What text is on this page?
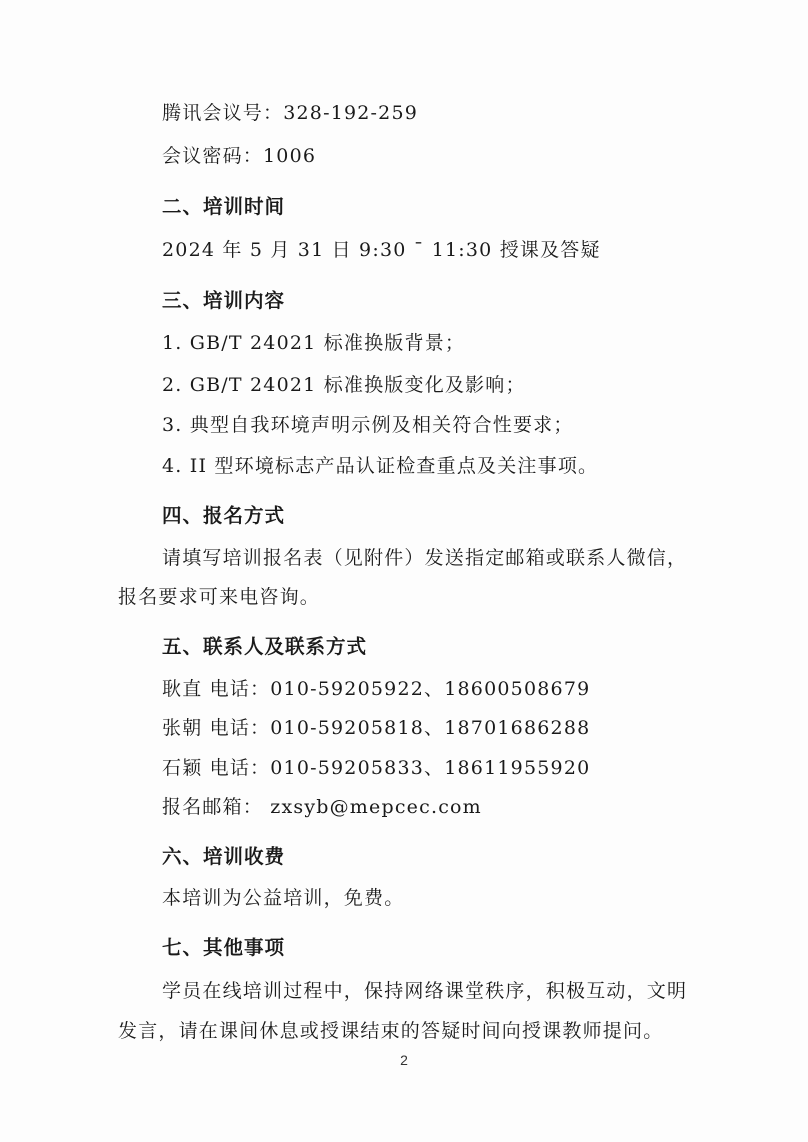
腾讯会议号：328-192-259
会议密码：1006
二、培训时间
2024 年 5 月 31 日 9:30 ¯ 11:30 授课及答疑
三、培训内容
1. GB/T 24021 标准换版背景；
2. GB/T 24021 标准换版变化及影响；
3. 典型自我环境声明示例及相关符合性要求；
4. II 型环境标志产品认证检查重点及关注事项。
四、报名方式
请填写培训报名表（见附件）发送指定邮箱或联系人微信，
报名要求可来电咨询。
五、联系人及联系方式
耿直 电话：010-59205922、18600508679
张朝 电话：010-59205818、18701686288
石颖 电话：010-59205833、18611955920
报名邮箱： zxsyb@mepcec.com
六、培训收费
本培训为公益培训，免费。
七、其他事项
学员在线培训过程中，保持网络课堂秩序，积极互动，文明
发言，请在课间休息或授课结束的答疑时间向授课教师提问。
2
